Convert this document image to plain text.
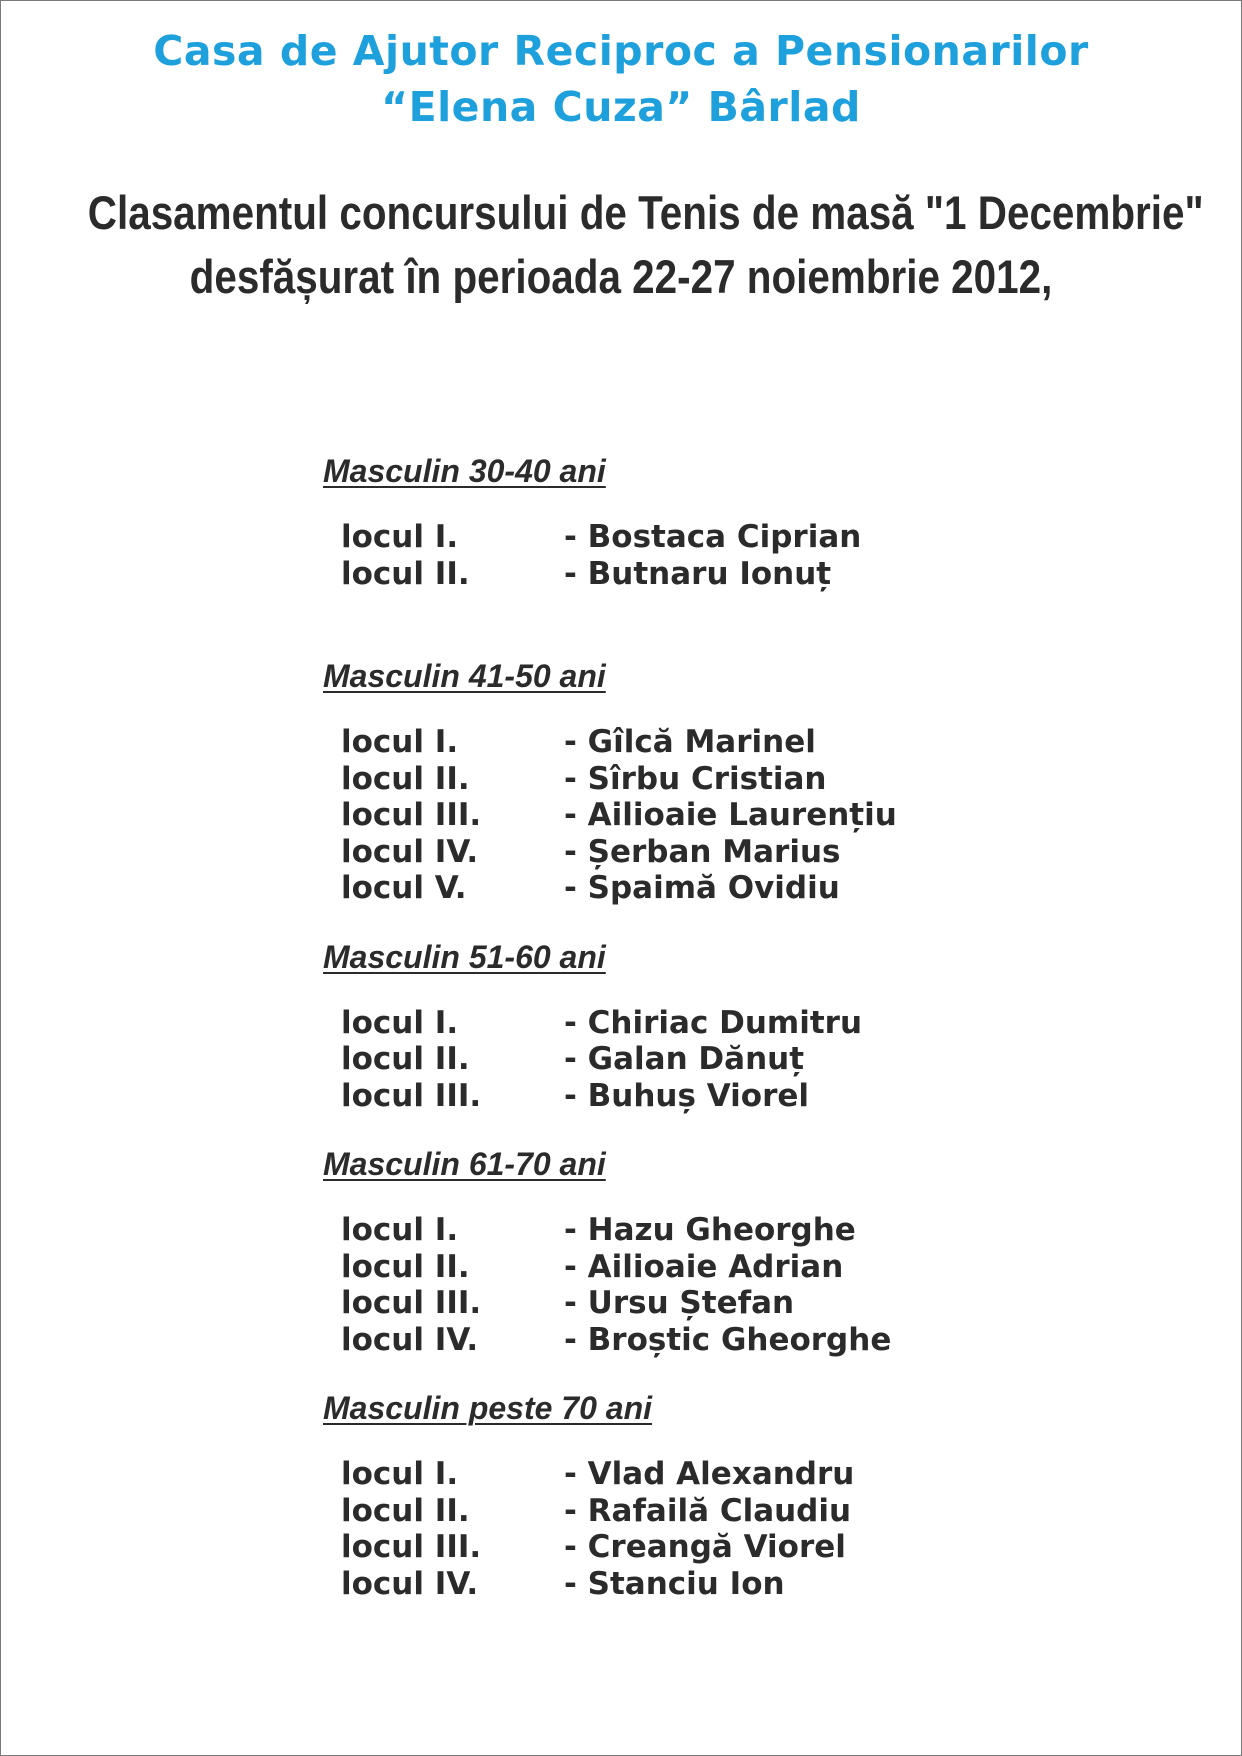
Casa de Ajutor Reciproc a Pensionarilor
“Elena Cuza” Bârlad
Clasamentul concursului de Tenis de masă "1 Decembrie"
desfășurat în perioada 22-27 noiembrie 2012,
Masculin 30-40 ani
locul I.	- Bostaca Ciprian
locul II.	- Butnaru Ionuț
Masculin 41-50 ani
locul I.	- Gîlcă Marinel
locul II.	- Sîrbu Cristian
locul III.	- Ailioaie Laurențiu
locul IV.	- Șerban Marius
locul V.	- Spaimă Ovidiu
Masculin 51-60 ani
locul I.	- Chiriac Dumitru
locul II.	- Galan Dănuț
locul III.	- Buhuș Viorel
Masculin 61-70 ani
locul I.	- Hazu Gheorghe
locul II.	- Ailioaie Adrian
locul III.	- Ursu Ștefan
locul IV.	- Broștic Gheorghe
Masculin peste 70 ani
locul I.	- Vlad Alexandru
locul II.	- Rafailă Claudiu
locul III.	- Creangă Viorel
locul IV.	- Stanciu Ion
